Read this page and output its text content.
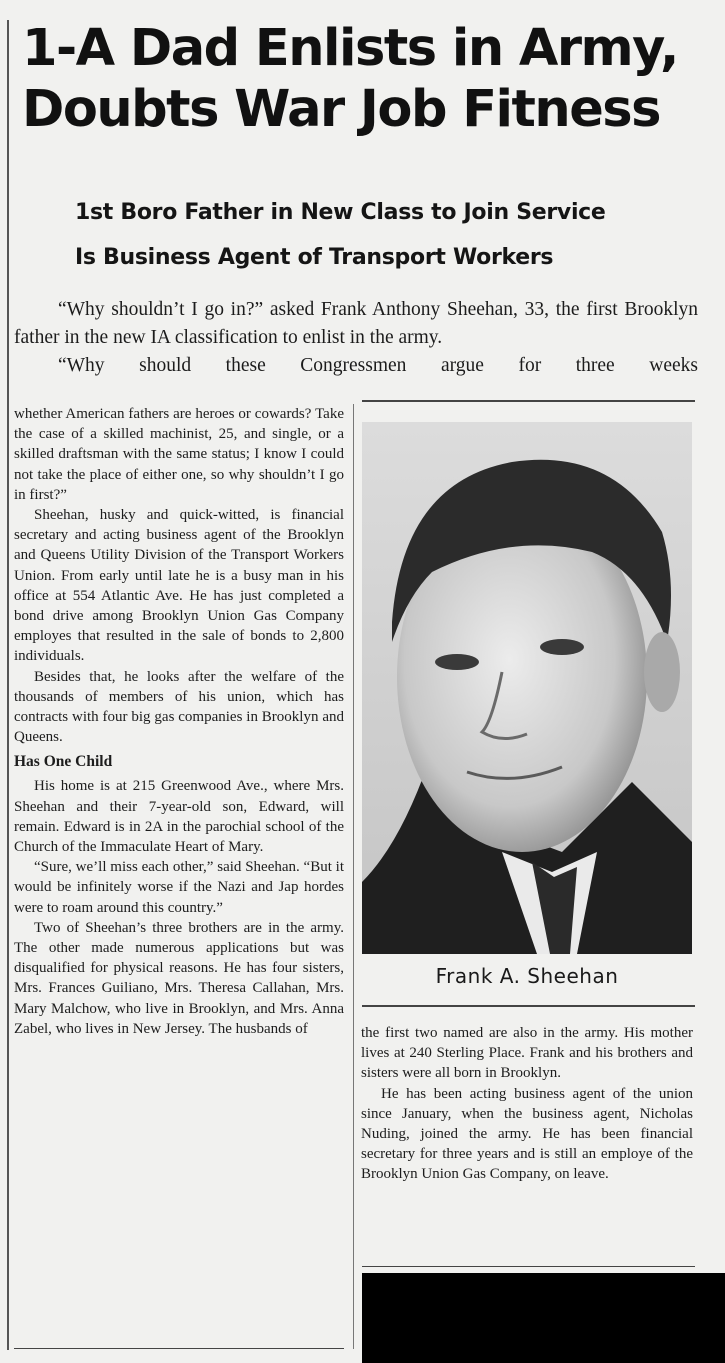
1-A Dad Enlists in Army,
Doubts War Job Fitness
1st Boro Father in New Class to Join Service
Is Business Agent of Transport Workers

“Why shouldn’t I go in?” asked Frank Anthony Sheehan, 33, the first Brooklyn father in the new IA classification to enlist in the army.

“Why should these Congressmen argue for three weeks

whether American fathers are heroes or cowards? Take the case of a skilled machinist, 25, and single, or a skilled draftsman with the same status; I know I could not take the place of either one, so why shouldn’t I go in first?”

Sheehan, husky and quick-witted, is financial secretary and acting business agent of the Brooklyn and Queens Utility Division of the Transport Workers Union. From early until late he is a busy man in his office at 554 Atlantic Ave. He has just completed a bond drive among Brooklyn Union Gas Company employes that resulted in the sale of bonds to 2,800 individuals.

Besides that, he looks after the welfare of the thousands of members of his union, which has contracts with four big gas companies in Brooklyn and Queens.

Has One Child

His home is at 215 Greenwood Ave., where Mrs. Sheehan and their 7-year-old son, Edward, will remain. Edward is in 2A in the parochial school of the Church of the Immaculate Heart of Mary.

“Sure, we’ll miss each other,” said Sheehan. “But it would be infinitely worse if the Nazi and Jap hordes were to roam around this country.”

Two of Sheehan’s three brothers are in the army. The other made numerous applications but was disqualified for physical reasons. He has four sisters, Mrs. Frances Guiliano, Mrs. Theresa Callahan, Mrs. Mary Malchow, who live in Brooklyn, and Mrs. Anna Zabel, who lives in New Jersey. The husbands of

Frank A. Sheehan

the first two named are also in the army. His mother lives at 240 Sterling Place. Frank and his brothers and sisters were all born in Brooklyn.

He has been acting business agent of the union since January, when the business agent, Nicholas Nuding, joined the army. He has been financial secretary for three years and is still an employe of the Brooklyn Union Gas Company, on leave.
